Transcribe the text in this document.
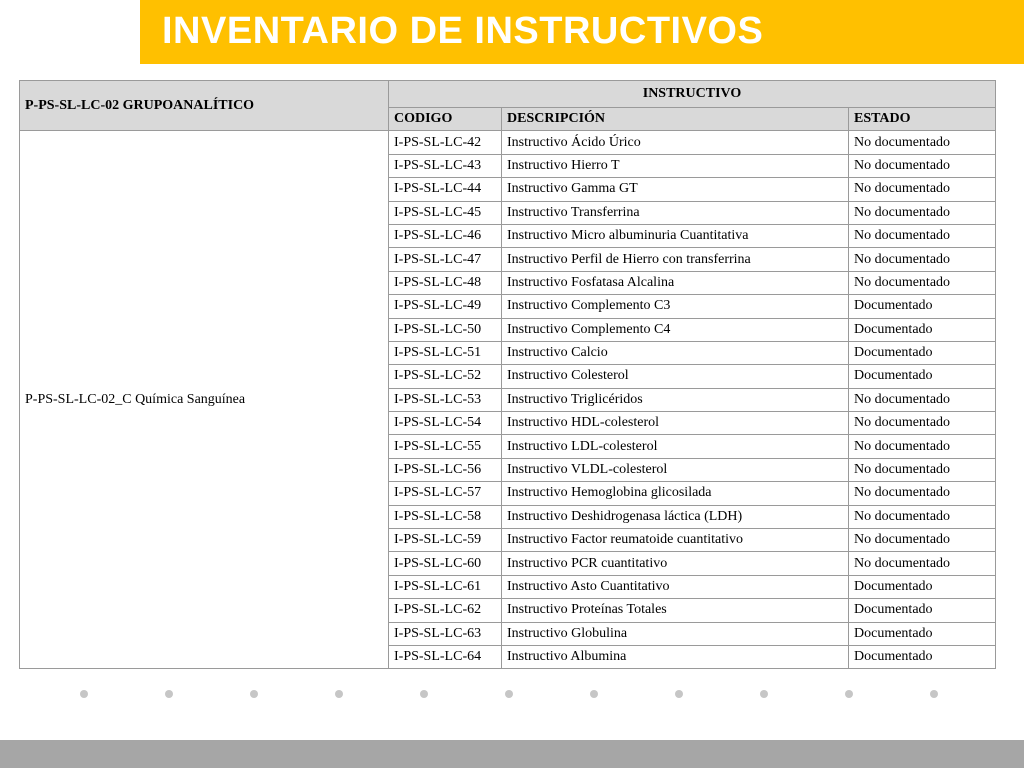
INVENTARIO DE INSTRUCTIVOS
P-PS-SL-LC-02 GRUPOANALÍTICO	INSTRUCTIVO		
	CODIGO	DESCRIPCIÓN	ESTADO
P-PS-SL-LC-02_C Química Sanguínea	I-PS-SL-LC-42	Instructivo Ácido Úrico	No documentado
	I-PS-SL-LC-43	Instructivo Hierro T	No documentado
	I-PS-SL-LC-44	Instructivo Gamma GT	No documentado
	I-PS-SL-LC-45	Instructivo Transferrina	No documentado
	I-PS-SL-LC-46	Instructivo Micro albuminuria Cuantitativa	No documentado
	I-PS-SL-LC-47	Instructivo Perfil de Hierro con transferrina	No documentado
	I-PS-SL-LC-48	Instructivo Fosfatasa Alcalina	No documentado
	I-PS-SL-LC-49	Instructivo Complemento C3	Documentado
	I-PS-SL-LC-50	Instructivo Complemento C4	Documentado
	I-PS-SL-LC-51	Instructivo Calcio	Documentado
	I-PS-SL-LC-52	Instructivo Colesterol	Documentado
	I-PS-SL-LC-53	Instructivo Triglicéridos	No documentado
	I-PS-SL-LC-54	Instructivo HDL-colesterol	No documentado
	I-PS-SL-LC-55	Instructivo LDL-colesterol	No documentado
	I-PS-SL-LC-56	Instructivo VLDL-colesterol	No documentado
	I-PS-SL-LC-57	Instructivo Hemoglobina glicosilada	No documentado
	I-PS-SL-LC-58	Instructivo Deshidrogenasa láctica (LDH)	No documentado
	I-PS-SL-LC-59	Instructivo Factor reumatoide cuantitativo	No documentado
	I-PS-SL-LC-60	Instructivo PCR cuantitativo	No documentado
	I-PS-SL-LC-61	Instructivo Asto Cuantitativo	Documentado
	I-PS-SL-LC-62	Instructivo Proteínas Totales	Documentado
	I-PS-SL-LC-63	Instructivo Globulina	Documentado
	I-PS-SL-LC-64	Instructivo Albumina	Documentado
